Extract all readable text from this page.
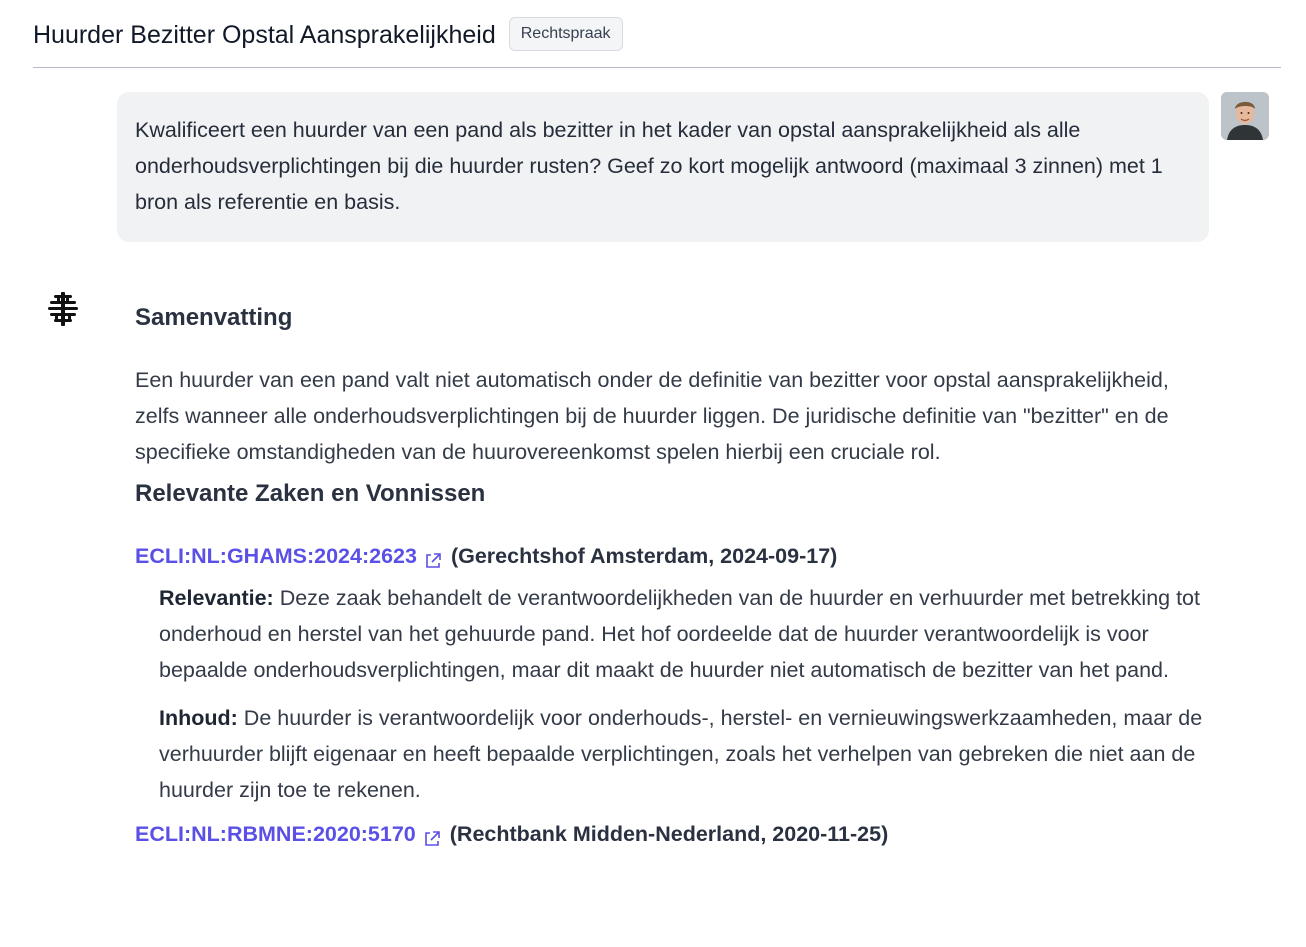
Huurder Bezitter Opstal Aansprakelijkheid	Rechtspraak
Kwalificeert een huurder van een pand als bezitter in het kader van opstal aansprakelijkheid als alle onderhoudsverplichtingen bij die huurder rusten? Geef zo kort mogelijk antwoord (maximaal 3 zinnen) met 1 bron als referentie en basis.
Samenvatting
Een huurder van een pand valt niet automatisch onder de definitie van bezitter voor opstal aansprakelijkheid, zelfs wanneer alle onderhoudsverplichtingen bij de huurder liggen. De juridische definitie van "bezitter" en de specifieke omstandigheden van de huurovereenkomst spelen hierbij een cruciale rol.
Relevante Zaken en Vonnissen
ECLI:NL:GHAMS:2024:2623 (Gerechtshof Amsterdam, 2024-09-17)

Relevantie: Deze zaak behandelt de verantwoordelijkheden van de huurder en verhuurder met betrekking tot onderhoud en herstel van het gehuurde pand. Het hof oordeelde dat de huurder verantwoordelijk is voor bepaalde onderhoudsverplichtingen, maar dit maakt de huurder niet automatisch de bezitter van het pand.

Inhoud: De huurder is verantwoordelijk voor onderhouds-, herstel- en vernieuwingswerkzaamheden, maar de verhuurder blijft eigenaar en heeft bepaalde verplichtingen, zoals het verhelpen van gebreken die niet aan de huurder zijn toe te rekenen.

ECLI:NL:RBMNE:2020:5170 (Rechtbank Midden-Nederland, 2020-11-25)
